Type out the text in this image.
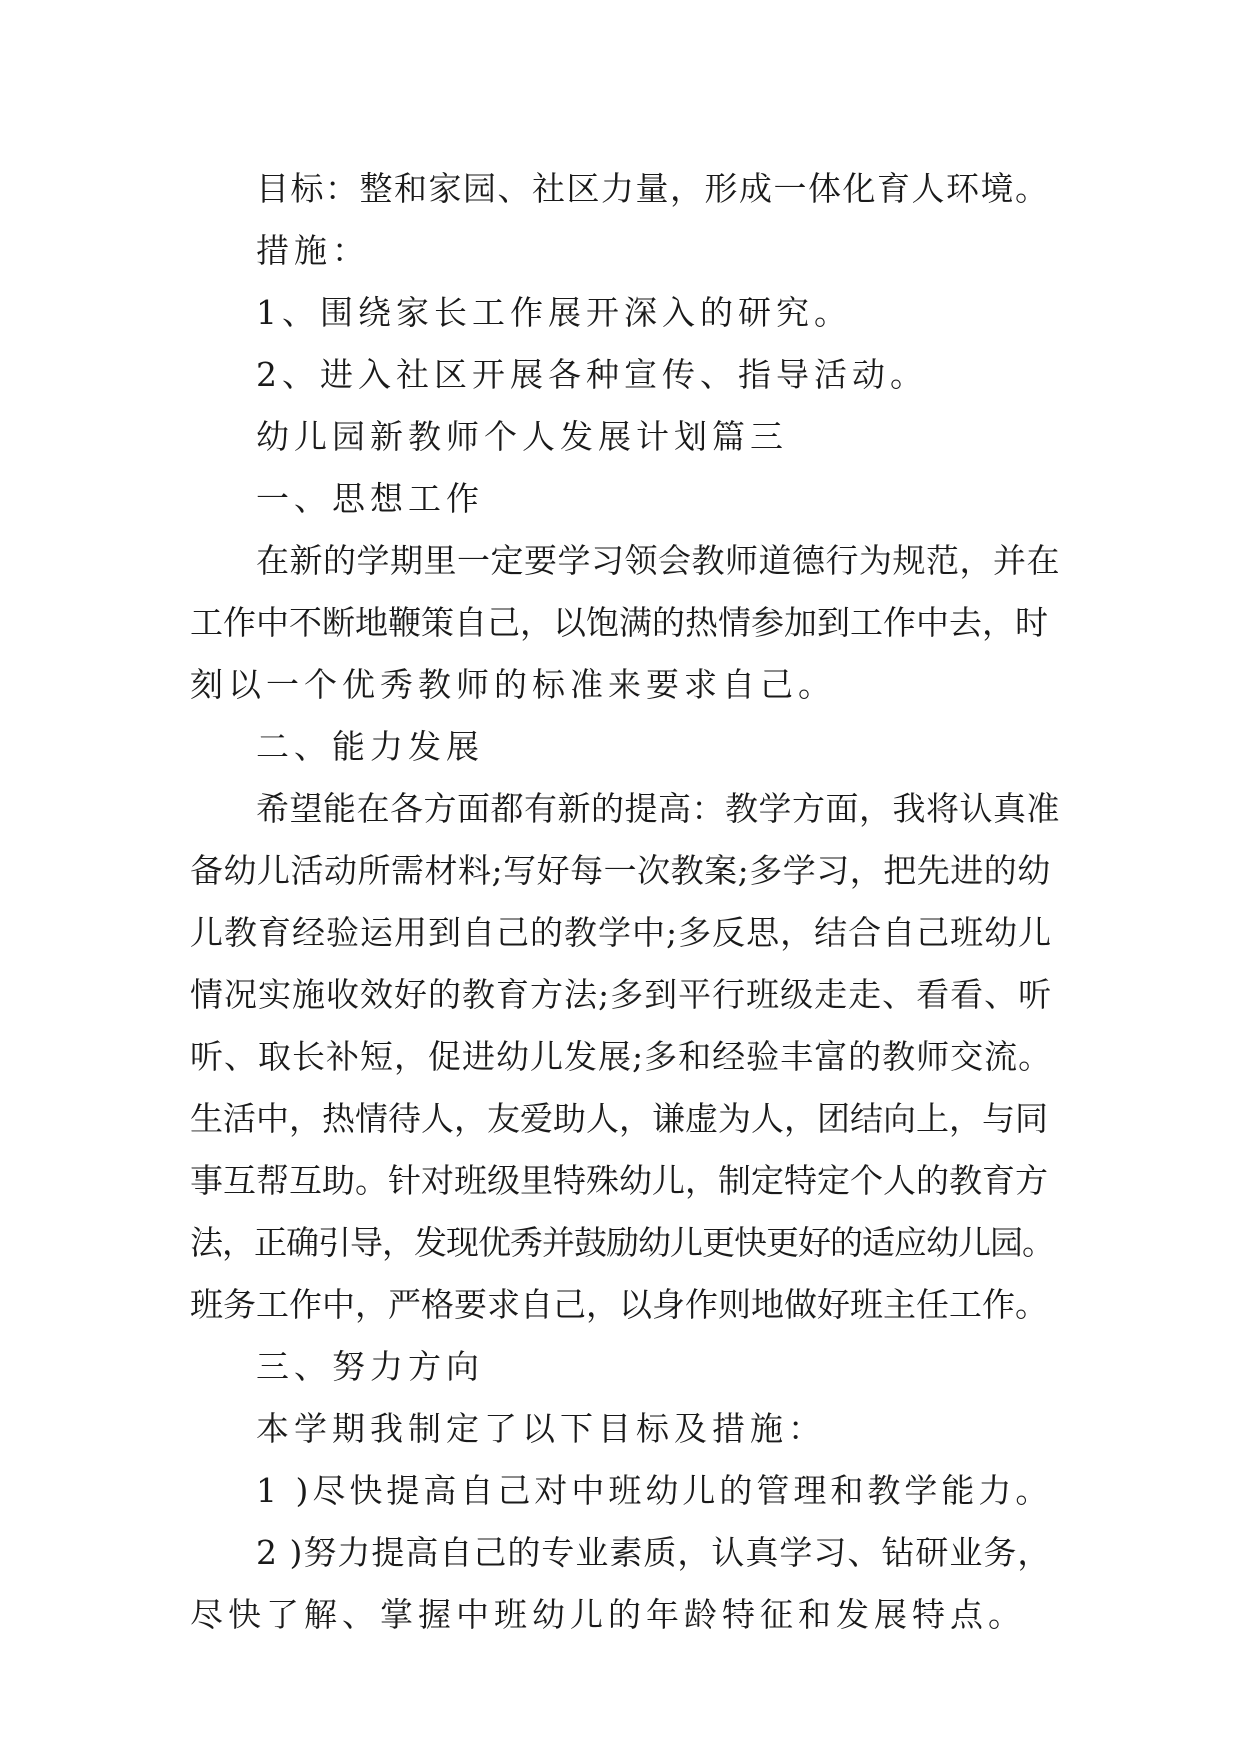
目标：整和家园、社区力量，形成一体化育人环境。
措施：
1、围绕家长工作展开深入的研究。
2、进入社区开展各种宣传、指导活动。
幼儿园新教师个人发展计划篇三
一、思想工作
在新的学期里一定要学习领会教师道德行为规范，并在
工作中不断地鞭策自己，以饱满的热情参加到工作中去，时
刻以一个优秀教师的标准来要求自己。
二、能力发展
希望能在各方面都有新的提高：教学方面，我将认真准
备幼儿活动所需材料;写好每一次教案;多学习，把先进的幼
儿教育经验运用到自己的教学中;多反思，结合自己班幼儿
情况实施收效好的教育方法;多到平行班级走走、看看、听
听、取长补短，促进幼儿发展;多和经验丰富的教师交流。
生活中，热情待人，友爱助人，谦虚为人，团结向上，与同
事互帮互助。针对班级里特殊幼儿，制定特定个人的教育方
法，正确引导，发现优秀并鼓励幼儿更快更好的适应幼儿园。
班务工作中，严格要求自己，以身作则地做好班主任工作。
三、努力方向
本学期我制定了以下目标及措施：
1 )尽快提高自己对中班幼儿的管理和教学能力。
2 )努力提高自己的专业素质，认真学习、钻研业务，
尽快了解、掌握中班幼儿的年龄特征和发展特点。
